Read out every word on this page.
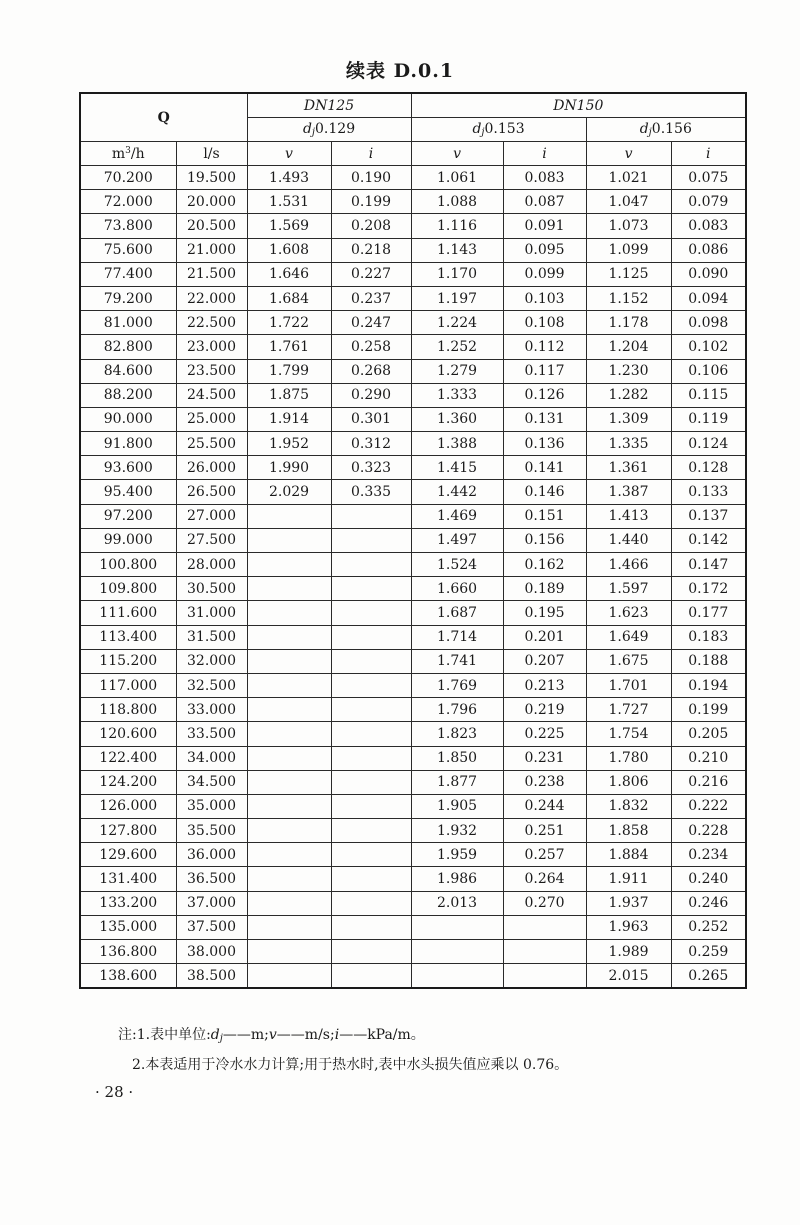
续表 D.0.1
Q		DN125		DN150			
		$d_j0.129$		$d_j0.153$		$d_j0.156$	
$m^3/h$	l/s	v	i	v	i	v	i
70.200	19.500	1.493	0.190	1.061	0.083	1.021	0.075
72.000	20.000	1.531	0.199	1.088	0.087	1.047	0.079
73.800	20.500	1.569	0.208	1.116	0.091	1.073	0.083
75.600	21.000	1.608	0.218	1.143	0.095	1.099	0.086
77.400	21.500	1.646	0.227	1.170	0.099	1.125	0.090
79.200	22.000	1.684	0.237	1.197	0.103	1.152	0.094
81.000	22.500	1.722	0.247	1.224	0.108	1.178	0.098
82.800	23.000	1.761	0.258	1.252	0.112	1.204	0.102
84.600	23.500	1.799	0.268	1.279	0.117	1.230	0.106
88.200	24.500	1.875	0.290	1.333	0.126	1.282	0.115
90.000	25.000	1.914	0.301	1.360	0.131	1.309	0.119
91.800	25.500	1.952	0.312	1.388	0.136	1.335	0.124
93.600	26.000	1.990	0.323	1.415	0.141	1.361	0.128
95.400	26.500	2.029	0.335	1.442	0.146	1.387	0.133
97.200	27.000			1.469	0.151	1.413	0.137
99.000	27.500			1.497	0.156	1.440	0.142
100.800	28.000			1.524	0.162	1.466	0.147
109.800	30.500			1.660	0.189	1.597	0.172
111.600	31.000			1.687	0.195	1.623	0.177
113.400	31.500			1.714	0.201	1.649	0.183
115.200	32.000			1.741	0.207	1.675	0.188
117.000	32.500			1.769	0.213	1.701	0.194
118.800	33.000			1.796	0.219	1.727	0.199
120.600	33.500			1.823	0.225	1.754	0.205
122.400	34.000			1.850	0.231	1.780	0.210
124.200	34.500			1.877	0.238	1.806	0.216
126.000	35.000			1.905	0.244	1.832	0.222
127.800	35.500			1.932	0.251	1.858	0.228
129.600	36.000			1.959	0.257	1.884	0.234
131.400	36.500			1.986	0.264	1.911	0.240
133.200	37.000			2.013	0.270	1.937	0.246
135.000	37.500					1.963	0.252
136.800	38.000					1.989	0.259
138.600	38.500					2.015	0.265
注:1.表中单位$:d_j——m;v——m/s;i——kPa/m$。
2.本表适用于冷水水力计算;用于热水时,表中水头损失值应乘以 0.76。
· 28 ·
